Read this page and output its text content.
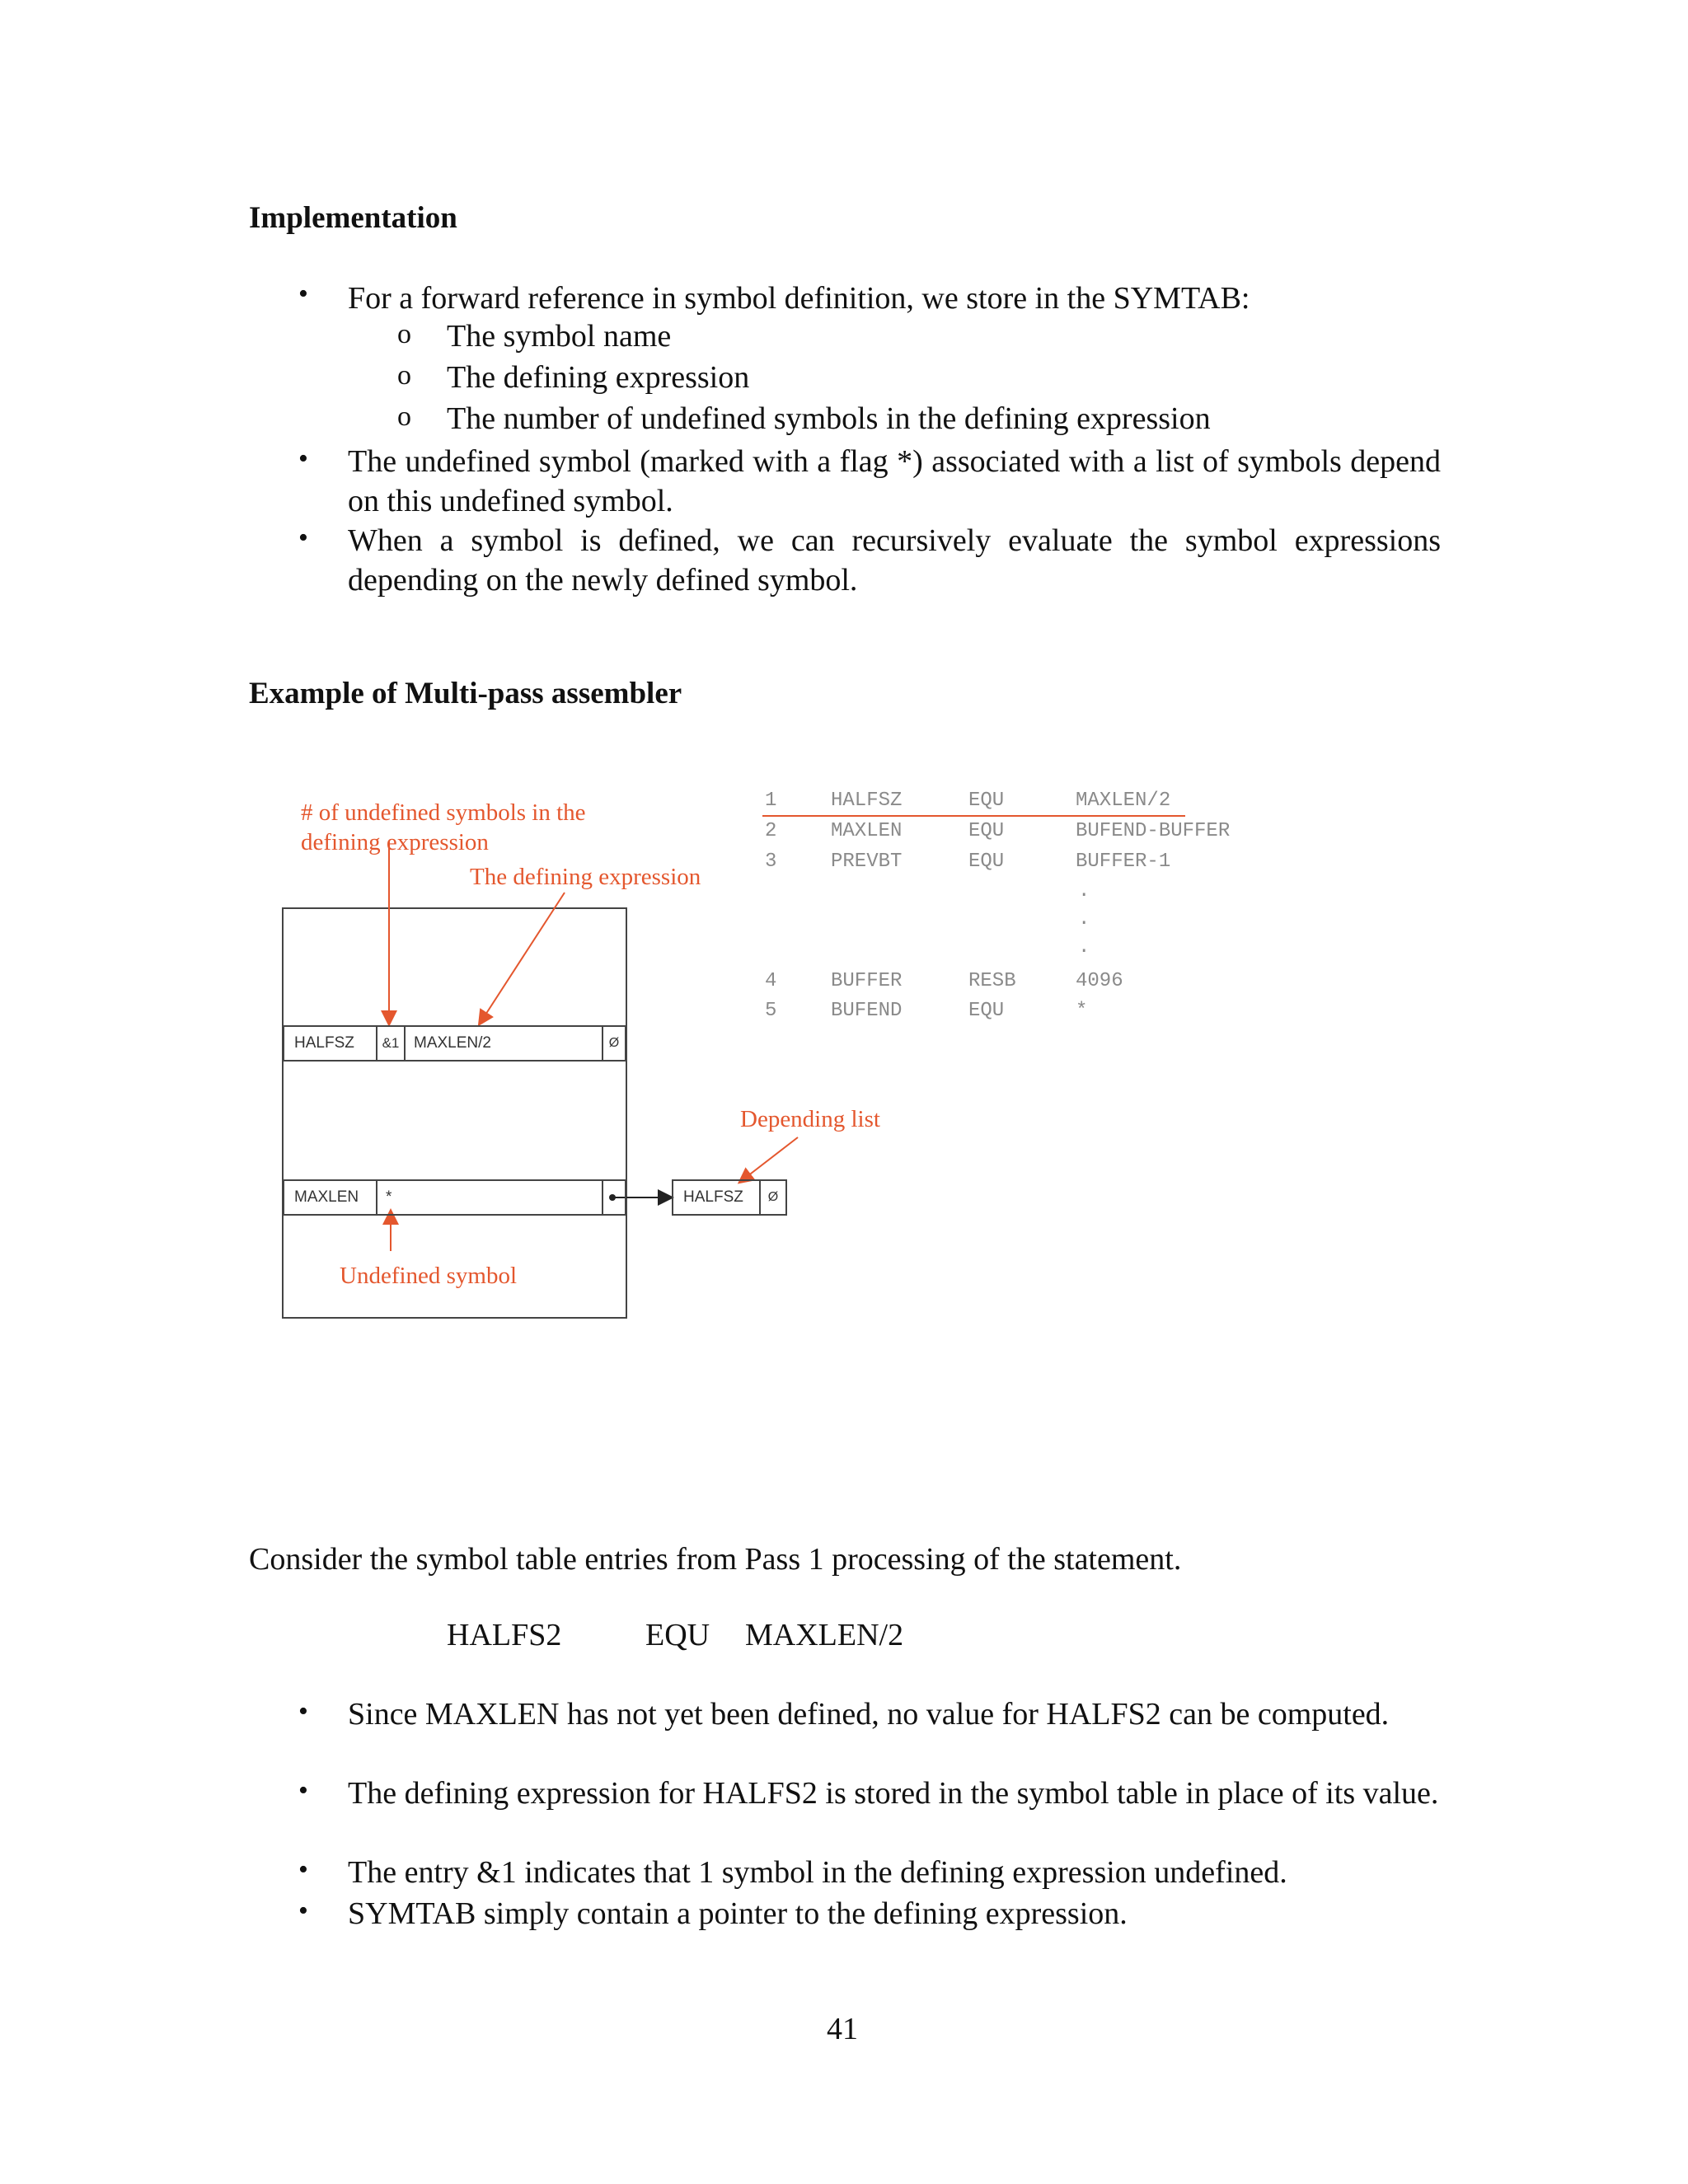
Implementation
• For a forward reference in symbol definition, we store in the SYMTAB:
o The symbol name
o The defining expression
o The number of undefined symbols in the defining expression
• The undefined symbol (marked with a flag *) associated with a list of symbols depend on this undefined symbol.
• When a symbol is defined, we can recursively evaluate the symbol expressions depending on the newly defined symbol.
Example of Multi-pass assembler
HALFSZ	&1 MAXLEN/2	Ø
MAXLEN	*	HALFSZ	Ø
# of undefined symbols in the defining expression
The defining expression
Depending list
Undefined symbol
1	HALFSZ	EQU	MAXLEN/2
2	MAXLEN	EQU	BUFEND-BUFFER
3	PREVBT	EQU	BUFFER-1
.
.
.
4	BUFFER	RESB	4096
5	BUFEND	EQU	*
Consider the symbol table entries from Pass 1 processing of the statement.
HALFS2	EQU MAXLEN/2
• Since MAXLEN has not yet been defined, no value for HALFS2 can be computed.
• The defining expression for HALFS2 is stored in the symbol table in place of its value.
• The entry &1 indicates that 1 symbol in the defining expression undefined.
• SYMTAB simply contain a pointer to the defining expression.
41
